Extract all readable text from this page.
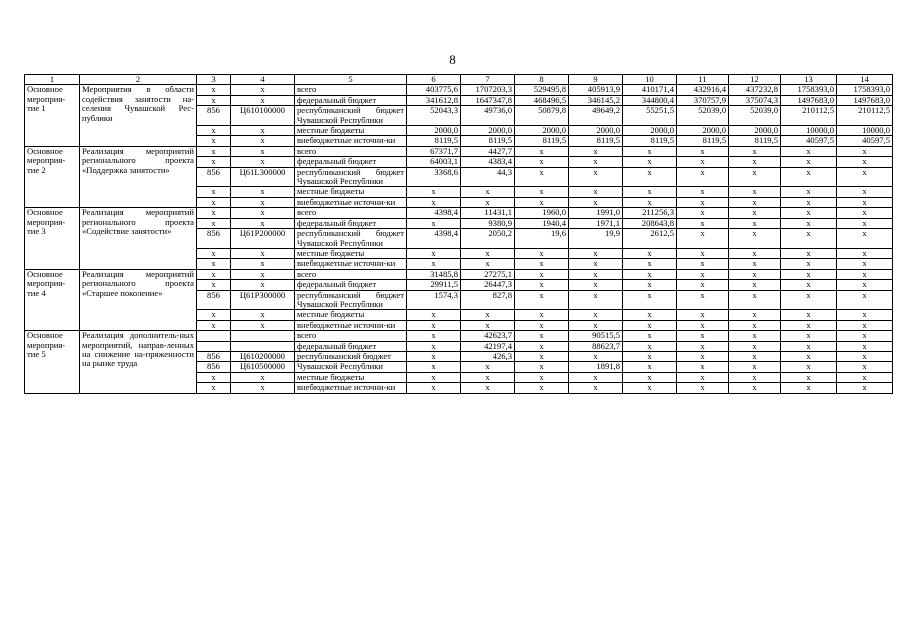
8
1	2	3	4	5	6	7	8	9	10	11	12	13	14
Основное мероприя-тие 1	Мероприятия в области содействия занятости на-селения Чувашской Рес-публики	x	x	всего	403775,6	1707203,3	529495,8	405913,9	410171,4	432916,4	437232,8	1758393,0	1758393,0
		x	x	федеральный бюджет	341612,8	1647347,8	468496,5	346145,2	344800,4	370757,9	375074,3	1497683,0	1497683,0
		856	Ц610100000	республиканский бюджет Чувашской Республики	52043,3	49736,0	50879,8	49649,2	55251,5	52039,0	52039,0	210112,5	210112,5
		x	x	местные бюджеты	2000,0	2000,0	2000,0	2000,0	2000,0	2000,0	2000,0	10000,0	10000,0
		x	x	внебюджетные источни-ки	8119,5	8119,5	8119,5	8119,5	8119,5	8119,5	8119,5	40597,5	40597,5
Основное мероприя-тие 2	Реализация мероприятий регионального проекта «Поддержка занятости»	x	x	всего	67371,7	4427,7	x	x	x	x	x	x	x
		x	x	федеральный бюджет	64003,1	4383,4	x	x	x	x	x	x	x
		856	Ц61L300000	республиканский бюджет Чувашской Республики	3368,6	44,3	x	x	x	x	x	x	x
		x	x	местные бюджеты	x	x	x	x	x	x	x	x	x
		x	x	внебюджетные источни-ки	x	x	x	x	x	x	x	x	x
Основное мероприя-тие 3	Реализация мероприятий регионального проекта «Содействие занятости»	x	x	всего	4398,4	11431,1	1960,0	1991,0	211256,3	x	x	x	x
		x	x	федеральный бюджет	x	9380,9	1940,4	1971,1	208643,8	x	x	x	x
		856	Ц61Р200000	республиканский бюджет Чувашской Республики	4398,4	2050,2	19,6	19,9	2612,5	x	x	x	x
		x	x	местные бюджеты	x	x	x	x	x	x	x	x	x
		x	x	внебюджетные источни-ки	x	x	x	x	x	x	x	x	x
Основное мероприя-тие 4	Реализация мероприятий регионального проекта «Старшее поколение»	x	x	всего	31485,8	27275,1	x	x	x	x	x	x	x
		x	x	федеральный бюджет	29911,5	26447,3	x	x	x	x	x	x	x
		856	Ц61Р300000	республиканский бюджет Чувашской Республики	1574,3	827,8	x	x	x	x	x	x	x
		x	x	местные бюджеты	x	x	x	x	x	x	x	x	x
		x	x	внебюджетные источни-ки	x	x	x	x	x	x	x	x	x
Основное мероприя-тие 5	Реализация дополнитель-ных мероприятий, направ-ленных на снижение на-пряженности на рынке труда			всего	x	42623,7	x	90515,5	x	x	x	x	x
				федеральный бюджет	x	42197,4	x	88623,7	x	x	x	x	x
		856	Ц610200000	республиканский бюджет	x	426,3	x	x	x	x	x	x	x
		856	Ц610500000	Чувашской Республики	x	x	x	1891,8	x	x	x	x	x
		x	x	местные бюджеты	x	x	x	x	x	x	x	x	x
		x	x	внебюджетные источни-ки	x	x	x	x	x	x	x	x	x
